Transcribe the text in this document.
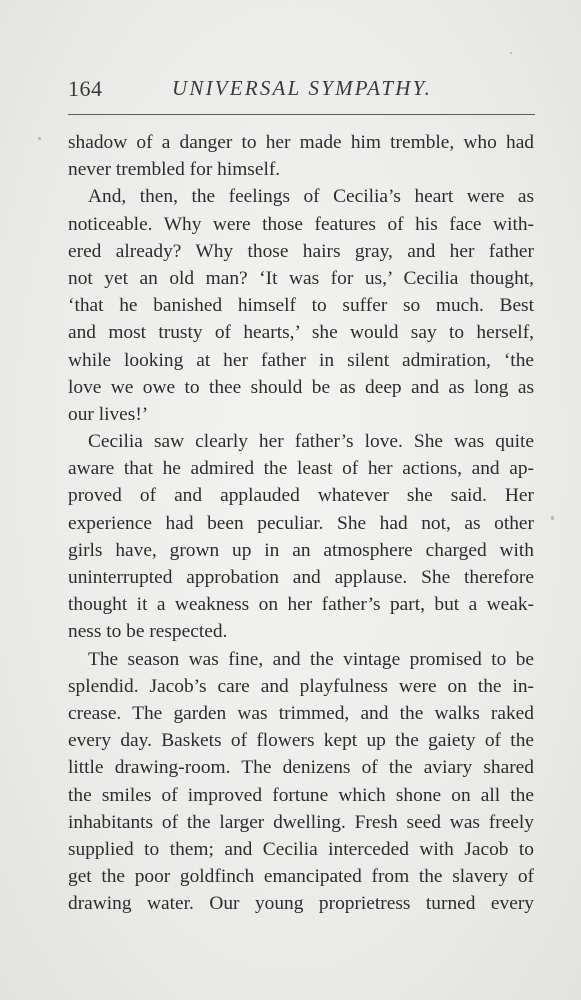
164	UNIVERSAL SYMPATHY.
shadow of a danger to her made him tremble, who had
never trembled for himself.
And, then, the feelings of Cecilia’s heart were as
noticeable. Why were those features of his face with-
ered already? Why those hairs gray, and her father
not yet an old man? ‘It was for us,’ Cecilia thought,
‘that he banished himself to suffer so much. Best
and most trusty of hearts,’ she would say to herself,
while looking at her father in silent admiration, ‘the
love we owe to thee should be as deep and as long as
our lives!’
Cecilia saw clearly her father’s love. She was quite
aware that he admired the least of her actions, and ap-
proved of and applauded whatever she said. Her
experience had been peculiar. She had not, as other
girls have, grown up in an atmosphere charged with
uninterrupted approbation and applause. She therefore
thought it a weakness on her father’s part, but a weak-
ness to be respected.
The season was fine, and the vintage promised to be
splendid. Jacob’s care and playfulness were on the in-
crease. The garden was trimmed, and the walks raked
every day. Baskets of flowers kept up the gaiety of the
little drawing-room. The denizens of the aviary shared
the smiles of improved fortune which shone on all the
inhabitants of the larger dwelling. Fresh seed was freely
supplied to them; and Cecilia interceded with Jacob to
get the poor goldfinch emancipated from the slavery of
drawing water. Our young proprietress turned every
